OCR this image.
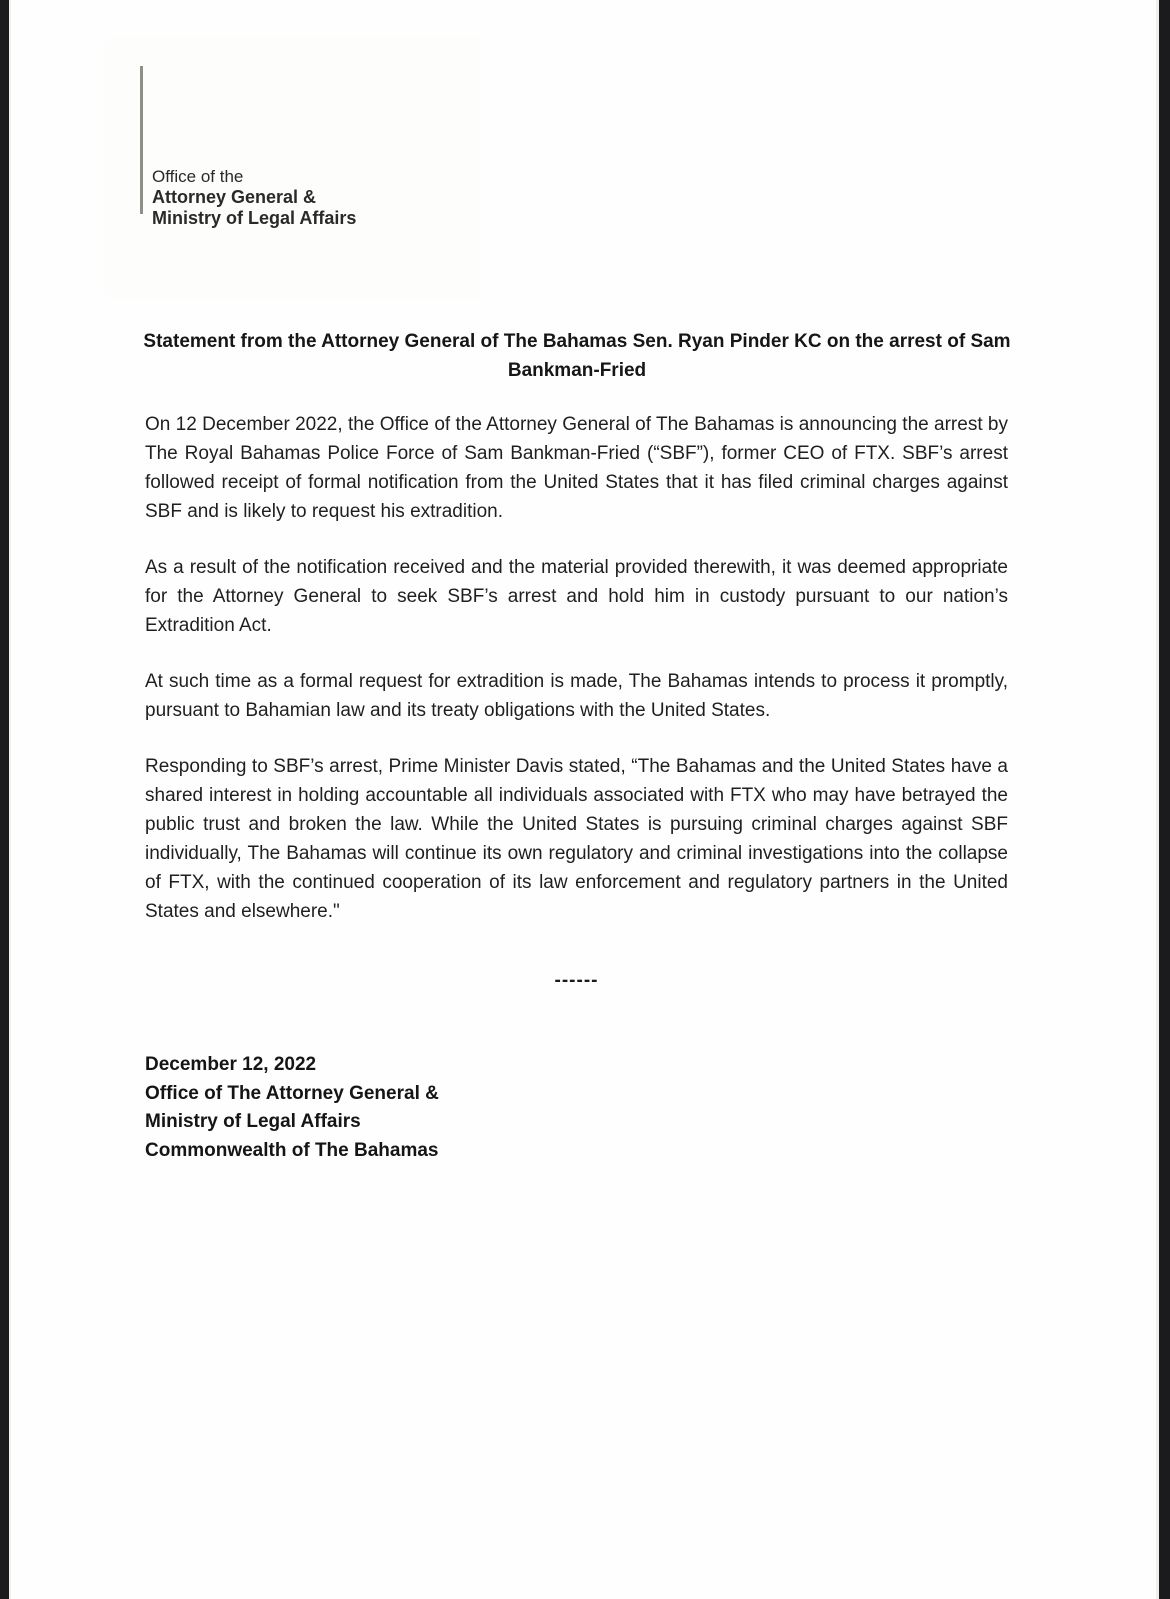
Office of the
Attorney General &
Ministry of Legal Affairs
Statement from the Attorney General of The Bahamas Sen. Ryan Pinder KC on the arrest of Sam Bankman-Fried

On 12 December 2022, the Office of the Attorney General of The Bahamas is announcing the arrest by The Royal Bahamas Police Force of Sam Bankman-Fried (“SBF”), former CEO of FTX. SBF’s arrest followed receipt of formal notification from the United States that it has filed criminal charges against SBF and is likely to request his extradition.

As a result of the notification received and the material provided therewith, it was deemed appropriate for the Attorney General to seek SBF’s arrest and hold him in custody pursuant to our nation’s Extradition Act.

At such time as a formal request for extradition is made, The Bahamas intends to process it promptly, pursuant to Bahamian law and its treaty obligations with the United States.

Responding to SBF’s arrest, Prime Minister Davis stated, “The Bahamas and the United States have a shared interest in holding accountable all individuals associated with FTX who may have betrayed the public trust and broken the law. While the United States is pursuing criminal charges against SBF individually, The Bahamas will continue its own regulatory and criminal investigations into the collapse of FTX, with the continued cooperation of its law enforcement and regulatory partners in the United States and elsewhere."

------
December 12, 2022
Office of The Attorney General &
Ministry of Legal Affairs
Commonwealth of The Bahamas
